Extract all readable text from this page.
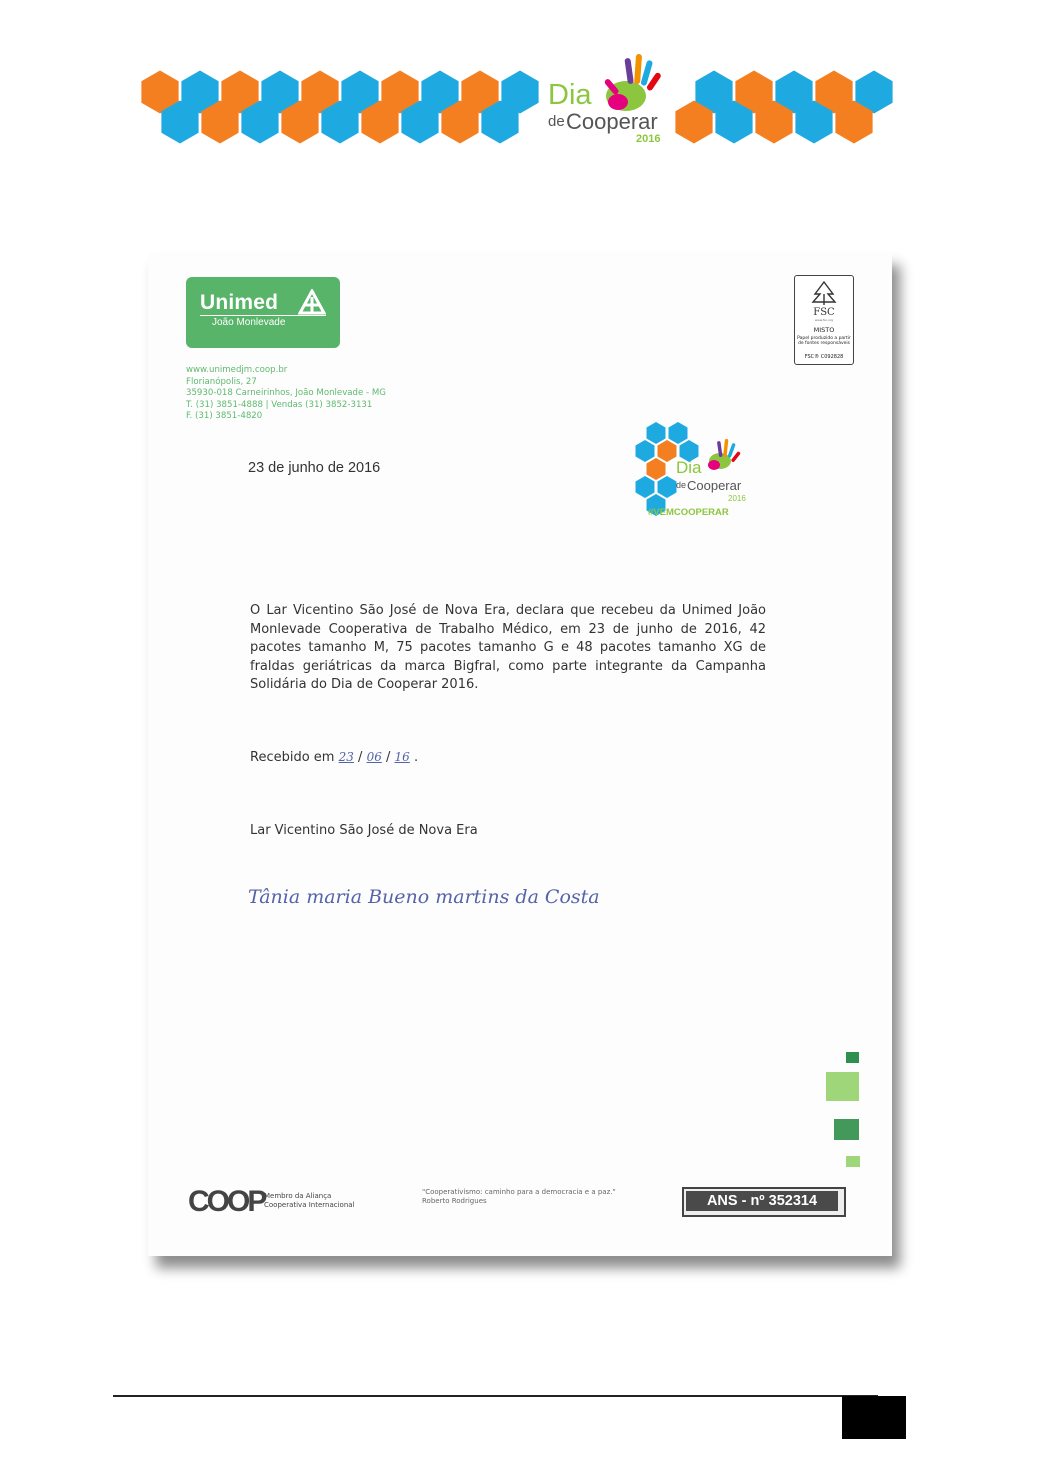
Dia
de Cooperar
2016
Unimed
João Monlevade
www.unimedjm.coop.br
Florianópolis, 27
35930-018 Carneirinhos, João Monlevade - MG
T. (31) 3851-4888 | Vendas (31) 3852-3131
F. (31) 3851-4820
FSC
www.fsc.org
MISTO
Papel produzido a partir de fontes responsáveis
FSC® C092828
23 de junho de 2016	Dia
de Cooperar
2016
#VEMCOOPERAR
O Lar Vicentino São José de Nova Era, declara que recebeu da Unimed João Monlevade Cooperativa de Trabalho Médico, em 23 de junho de 2016, 42 pacotes tamanho M, 75 pacotes tamanho G e 48 pacotes tamanho XG de fraldas geriátricas da marca Bigfral, como parte integrante da Campanha Solidária do Dia de Cooperar 2016.
Recebido em 23 / 06 / 16 .
Lar Vicentino São José de Nova Era
Tânia maria Bueno martins da Costa
COOP Membro da Aliança
Cooperativa Internacional
"Cooperativismo: caminho para a democracia e a paz."
Roberto Rodrigues	ANS - nº 352314
